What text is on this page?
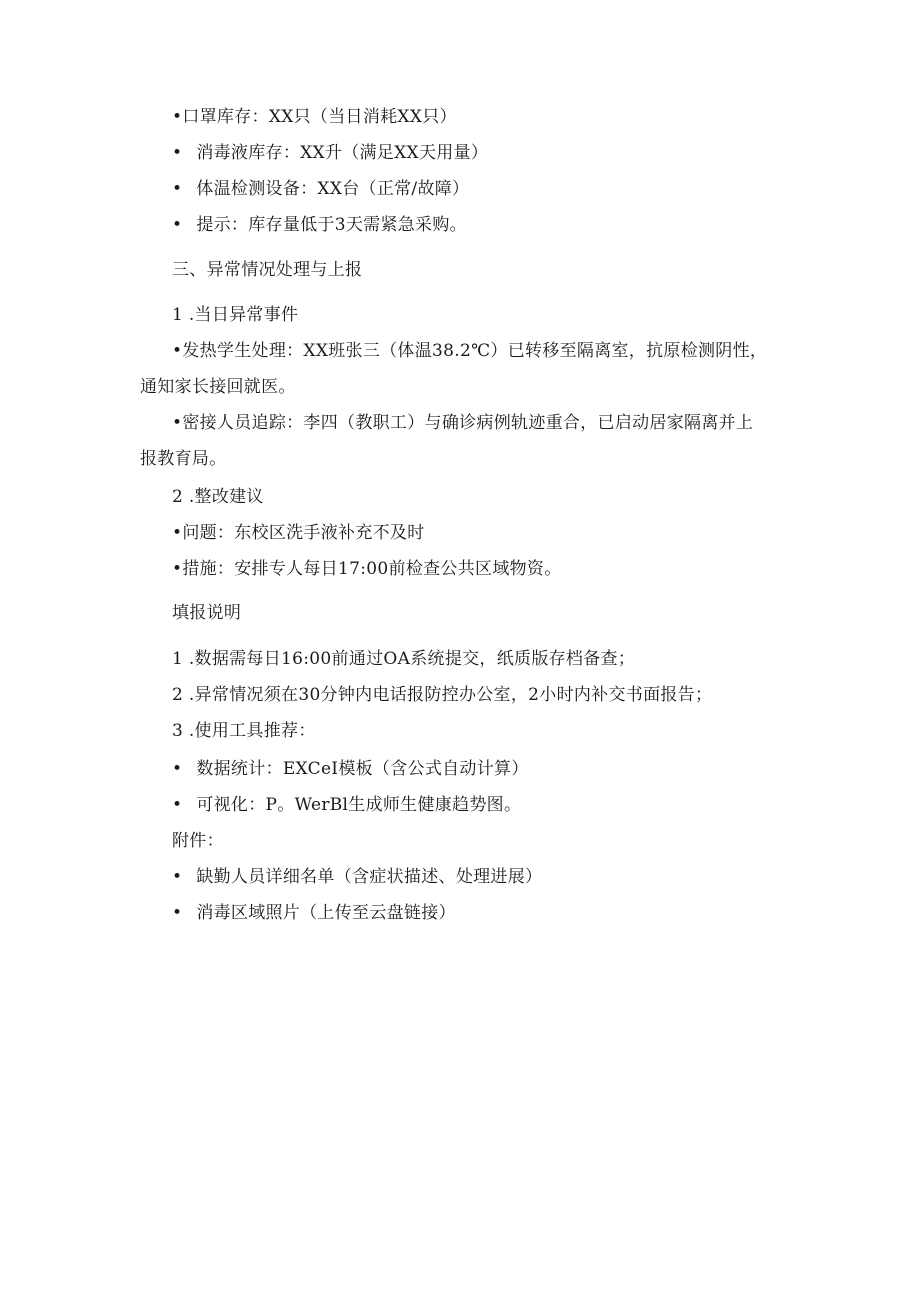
•口罩库存：XX只（当日消耗XX只）
• 消毒液库存：XX升（满足XX天用量）
• 体温检测设备：XX台（正常/故障）
• 提示：库存量低于3天需紧急采购。
三、异常情况处理与上报
1 .当日异常事件
•发热学生处理：XX班张三（体温38.2℃）已转移至隔离室，抗原检测阴性，
通知家长接回就医。
•密接人员追踪：李四（教职工）与确诊病例轨迹重合，已启动居家隔离并上
报教育局。
2 .整改建议
•问题：东校区洗手液补充不及时
•措施：安排专人每日17:00前检查公共区域物资。
填报说明
1 .数据需每日16:00前通过OA系统提交，纸质版存档备查；
2 .异常情况须在30分钟内电话报防控办公室，2小时内补交书面报告；
3 .使用工具推荐：
• 数据统计：EXCeI模板（含公式自动计算）
• 可视化：P。WerBl生成师生健康趋势图。
附件：
• 缺勤人员详细名单（含症状描述、处理进展）
• 消毒区域照片（上传至云盘链接）
